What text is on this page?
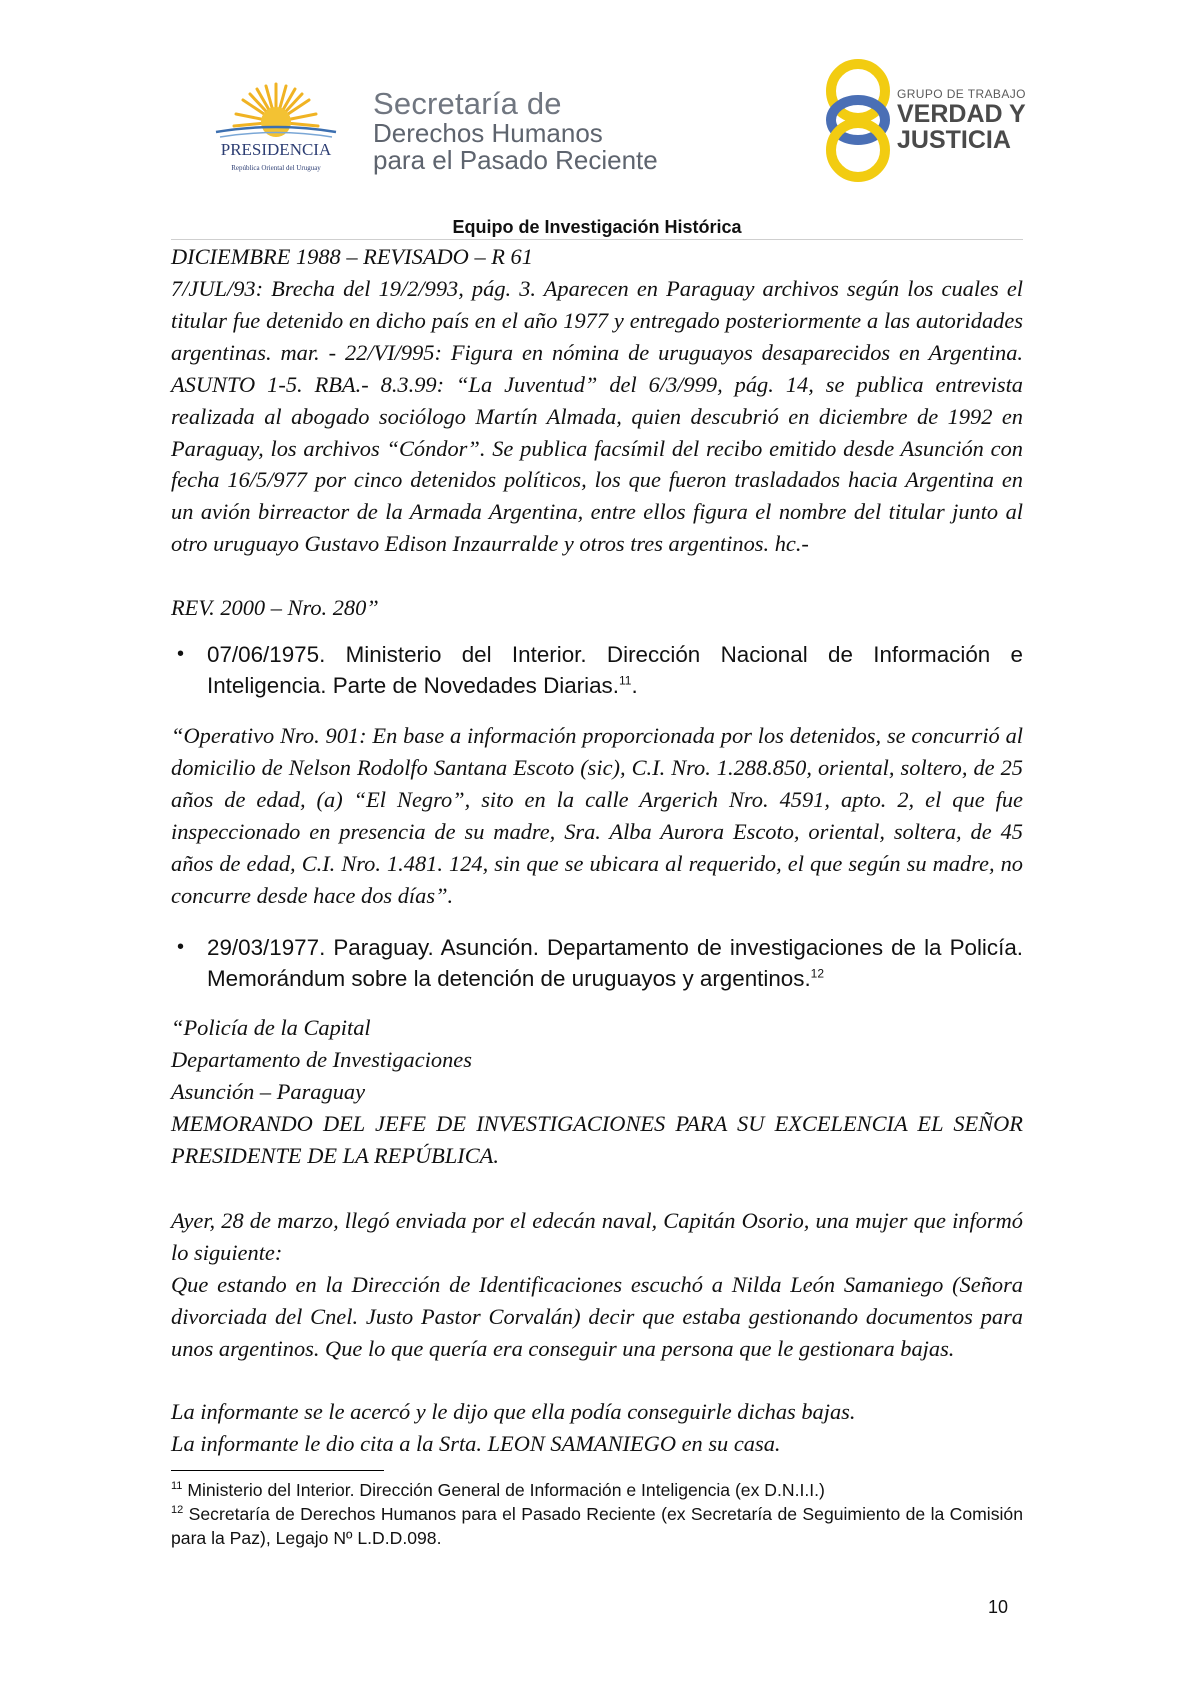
PRESIDENCIA
República Oriental del Uruguay
Secretaría de
Derechos Humanos
para el Pasado Reciente
GRUPO DE TRABAJO
VERDAD Y
JUSTICIA
Equipo de Investigación Histórica
DICIEMBRE 1988 – REVISADO – R 61
7/JUL/93: Brecha del 19/2/993, pág. 3. Aparecen en Paraguay archivos según los cuales el titular fue detenido en dicho país en el año 1977 y entregado posteriormente a las autoridades argentinas. mar. - 22/VI/995: Figura en nómina de uruguayos desaparecidos en Argentina. ASUNTO 1-5. RBA.- 8.3.99: “La Juventud” del 6/3/999, pág. 14, se publica entrevista realizada al abogado sociólogo Martín Almada, quien descubrió en diciembre de 1992 en Paraguay, los archivos “Cóndor”. Se publica facsímil del recibo emitido desde Asunción con fecha 16/5/977 por cinco detenidos políticos, los que fueron trasladados hacia Argentina en un avión birreactor de la Armada Argentina, entre ellos figura el nombre del titular junto al otro uruguayo Gustavo Edison Inzaurralde y otros tres argentinos. hc.-
REV. 2000 – Nro. 280”
• 07/06/1975. Ministerio del Interior. Dirección Nacional de Información e Inteligencia. Parte de Novedades Diarias.$^{11}$.
“Operativo Nro. 901: En base a información proporcionada por los detenidos, se concurrió al domicilio de Nelson Rodolfo Santana Escoto (sic), C.I. Nro. 1.288.850, oriental, soltero, de 25 años de edad, (a) “El Negro”, sito en la calle Argerich Nro. 4591, apto. 2, el que fue inspeccionado en presencia de su madre, Sra. Alba Aurora Escoto, oriental, soltera, de 45 años de edad, C.I. Nro. 1.481. 124, sin que se ubicara al requerido, el que según su madre, no concurre desde hace dos días”.
• 29/03/1977. Paraguay. Asunción. Departamento de investigaciones de la Policía. Memorándum sobre la detención de uruguayos y argentinos.$^{12}$
“Policía de la Capital
Departamento de Investigaciones
Asunción – Paraguay
MEMORANDO DEL JEFE DE INVESTIGACIONES PARA SU EXCELENCIA EL SEÑOR PRESIDENTE DE LA REPÚBLICA.
Ayer, 28 de marzo, llegó enviada por el edecán naval, Capitán Osorio, una mujer que informó lo siguiente:
Que estando en la Dirección de Identificaciones escuchó a Nilda León Samaniego (Señora divorciada del Cnel. Justo Pastor Corvalán) decir que estaba gestionando documentos para unos argentinos. Que lo que quería era conseguir una persona que le gestionara bajas.
La informante se le acercó y le dijo que ella podía conseguirle dichas bajas.
La informante le dio cita a la Srta. LEON SAMANIEGO en su casa.
$^{11}$ Ministerio del Interior. Dirección General de Información e Inteligencia (ex D.N.I.I.)
$^{12}$ Secretaría de Derechos Humanos para el Pasado Reciente (ex Secretaría de Seguimiento de la Comisión para la Paz), Legajo Nº L.D.D.098.
10
